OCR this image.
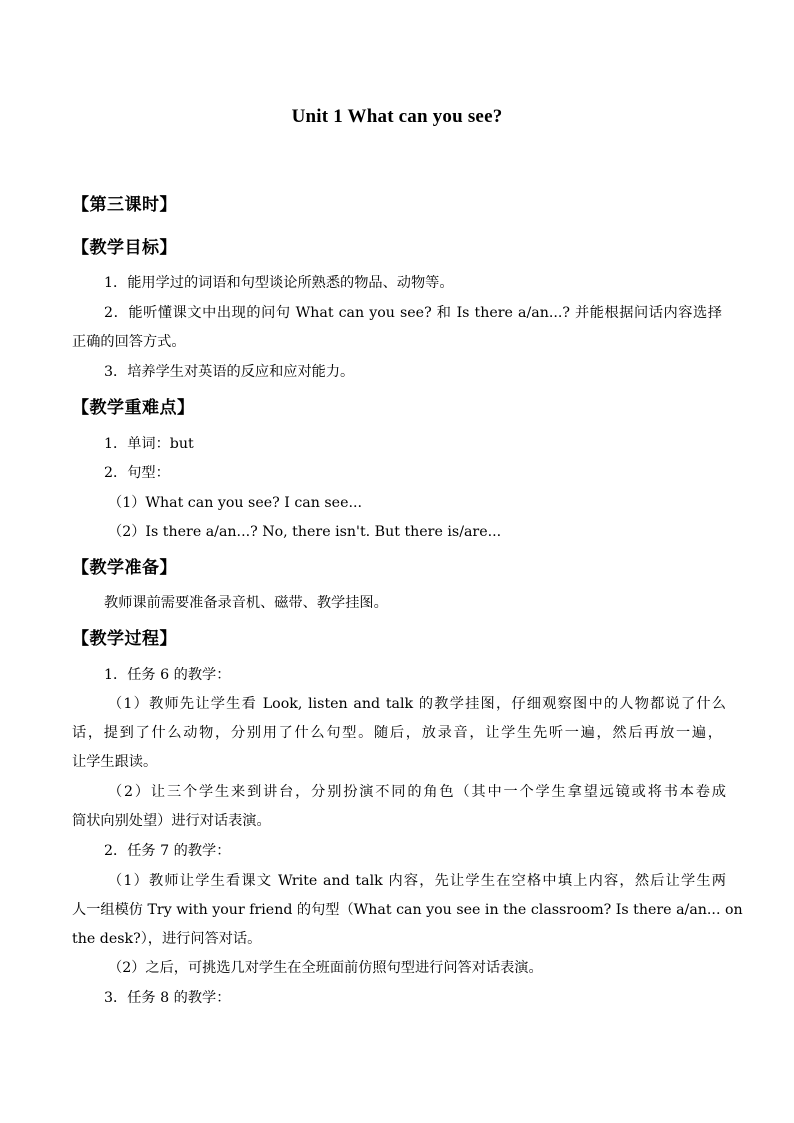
Unit 1 What can you see?
【第三课时】
【教学目标】
1．能用学过的词语和句型谈论所熟悉的物品、动物等。
2．能听懂课文中出现的问句 What can you see? 和 Is there a/an...? 并能根据问话内容选择
正确的回答方式。
3．培养学生对英语的反应和应对能力。
【教学重难点】
1．单词：but
2．句型：
（1）What can you see? I can see...
（2）Is there a/an...? No, there isn't. But there is/are...
【教学准备】
教师课前需要准备录音机、磁带、教学挂图。
【教学过程】
1．任务 6 的教学：
（1）教师先让学生看 Look, listen and talk 的教学挂图，仔细观察图中的人物都说了什么
话，提到了什么动物，分别用了什么句型。随后，放录音，让学生先听一遍，然后再放一遍，
让学生跟读。
（2）让三个学生来到讲台，分别扮演不同的角色（其中一个学生拿望远镜或将书本卷成
筒状向别处望）进行对话表演。
2．任务 7 的教学：
（1）教师让学生看课文 Write and talk 内容，先让学生在空格中填上内容，然后让学生两
人一组模仿 Try with your friend 的句型（What can you see in the classroom? Is there a/an... on
the desk?），进行问答对话。
（2）之后，可挑选几对学生在全班面前仿照句型进行问答对话表演。
3．任务 8 的教学：
